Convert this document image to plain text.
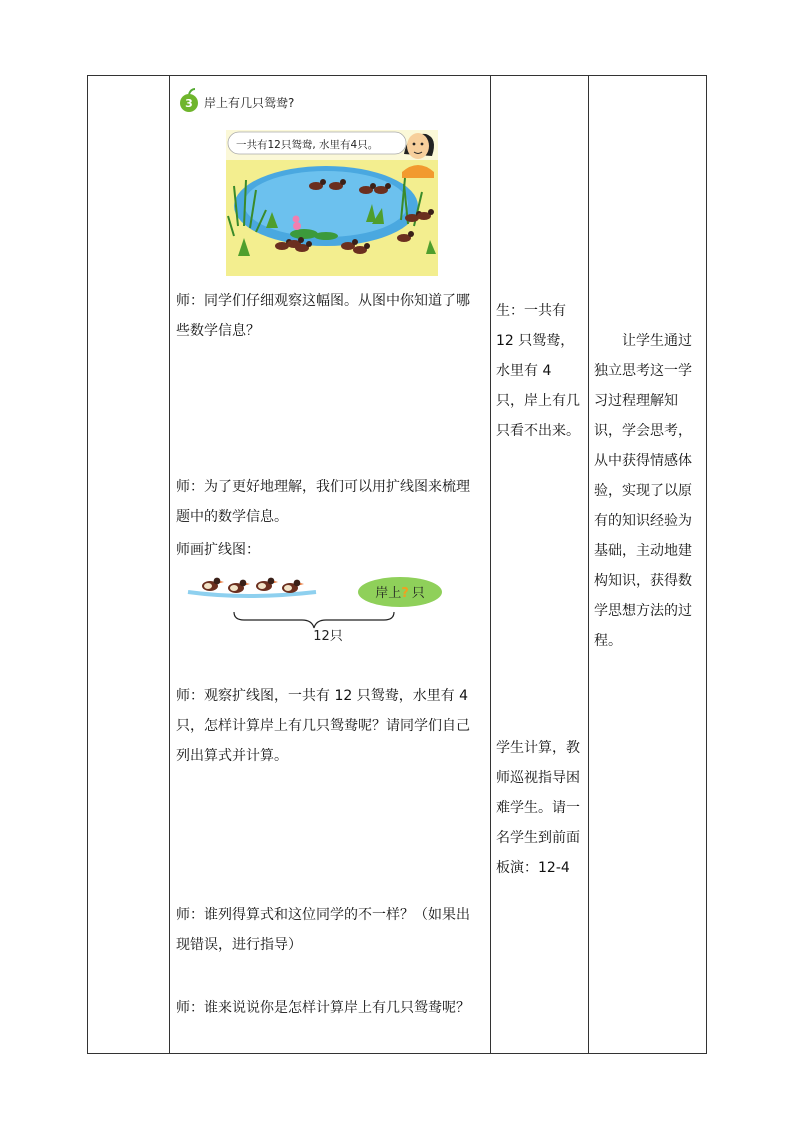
3 岸上有几只鸳鸯?
一共有12只鸳鸯, 水里有4只。
师：同学们仔细观察这幅图。从图中你知道了哪些数学信息？
师：为了更好地理解，我们可以用扩线图来梳理题中的数学信息。
师画扩线图：
岸上? 只
12只
师：观察扩线图，一共有 12 只鸳鸯，水里有 4 只，怎样计算岸上有几只鸳鸯呢？请同学们自己列出算式并计算。
师：谁列得算式和这位同学的不一样？（如果出现错误，进行指导）
师：谁来说说你是怎样计算岸上有几只鸳鸯呢？
生：一共有 12 只鸳鸯，水里有 4 只，岸上有几只看不出来。
学生计算，教师巡视指导困难学生。请一名学生到前面板演：12-4
让学生通过独立思考这一学习过程理解知识，学会思考，从中获得情感体验，实现了以原有的知识经验为基础，主动地建构知识，获得数学思想方法的过程。
